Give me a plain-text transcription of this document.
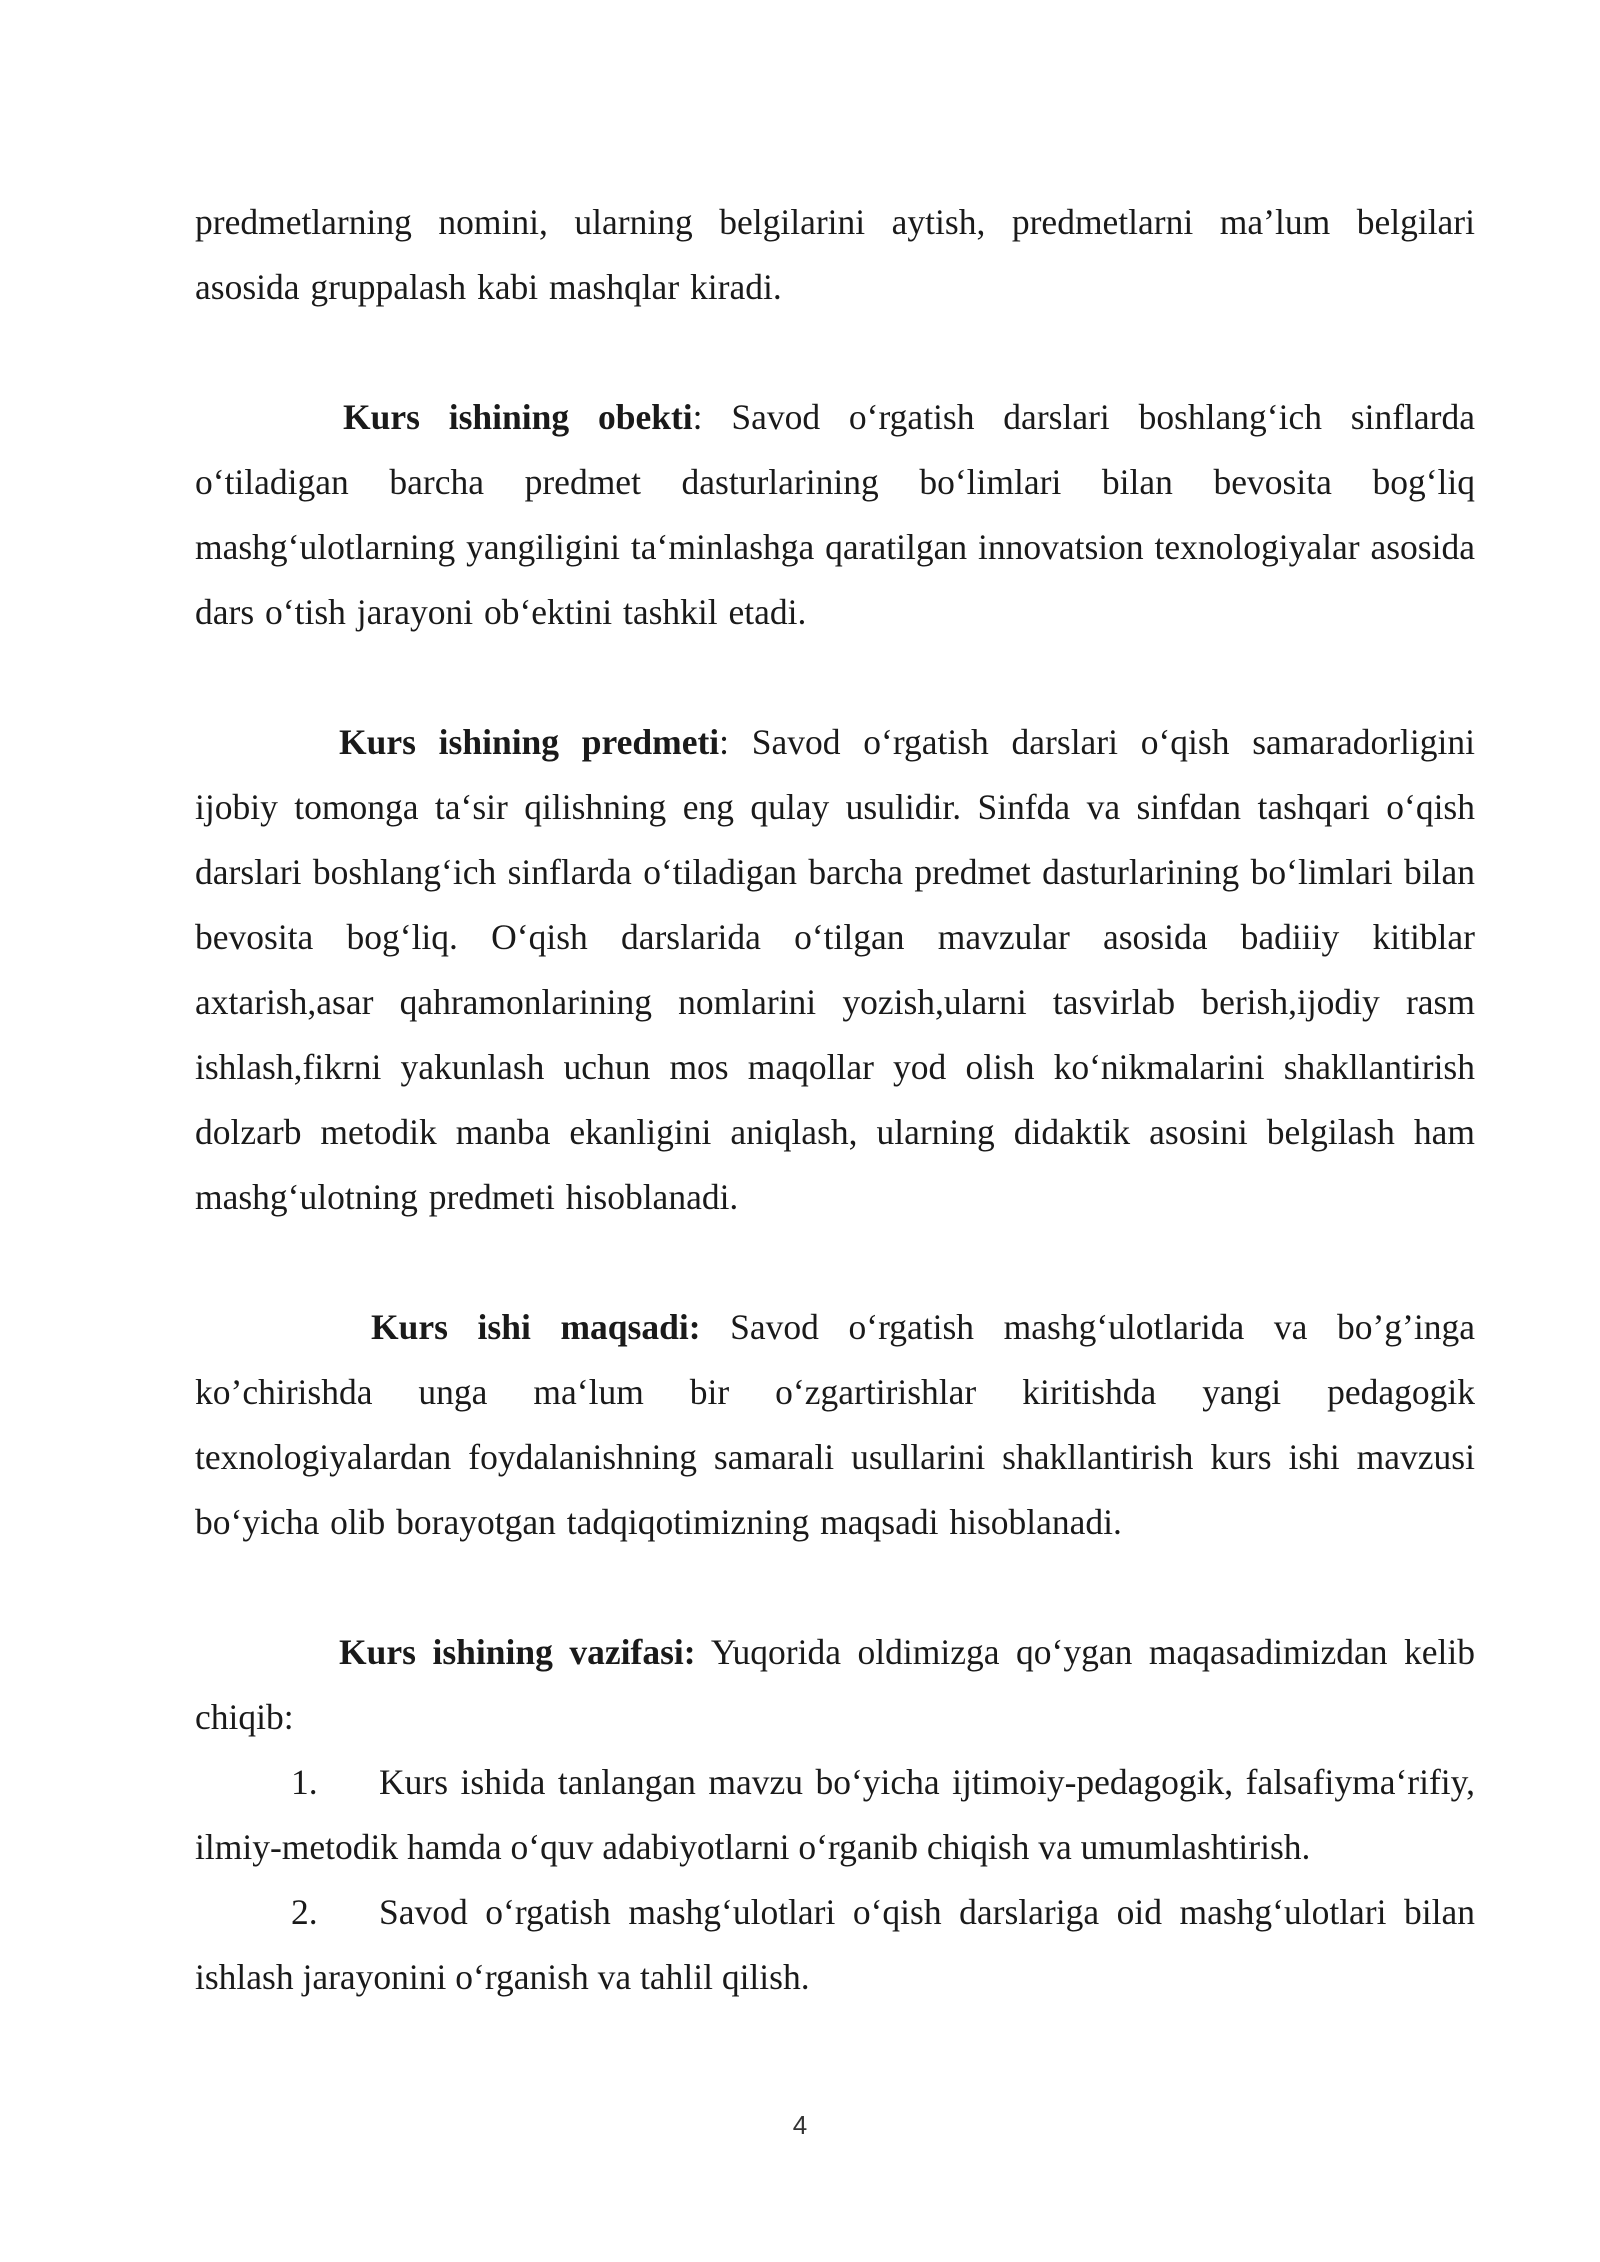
predmetlarning nomini, ularning belgilarini aytish, predmetlarni ma’lum belgilari asosida gruppalash kabi mashqlar kiradi.

Kurs ishining obekti: Savod o‘rgatish darslari boshlang‘ich sinflarda o‘tiladigan barcha predmet dasturlarining bo‘limlari bilan bevosita bog‘liq mashg‘ulotlarning yangiligini ta‘minlashga qaratilgan innovatsion texnologiyalar asosida dars o‘tish jarayoni ob‘ektini tashkil etadi.

Kurs ishining predmeti: Savod o‘rgatish darslari o‘qish samaradorligini ijobiy tomonga ta‘sir qilishning eng qulay usulidir. Sinfda va sinfdan tashqari o‘qish darslari boshlang‘ich sinflarda o‘tiladigan barcha predmet dasturlarining bo‘limlari bilan bevosita bog‘liq. O‘qish darslarida o‘tilgan mavzular asosida badiiiy kitiblar axtarish,asar qahramonlarining nomlarini yozish,ularni tasvirlab berish,ijodiy rasm ishlash,fikrni yakunlash uchun mos maqollar yod olish ko‘nikmalarini shakllantirish dolzarb metodik manba ekanligini aniqlash, ularning didaktik asosini belgilash ham mashg‘ulotning predmeti hisoblanadi.

Kurs ishi maqsadi: Savod o‘rgatish mashg‘ulotlarida va bo’g’inga ko’chirishda unga ma‘lum bir o‘zgartirishlar kiritishda yangi pedagogik texnologiyalardan foydalanishning samarali usullarini shakllantirish kurs ishi mavzusi bo‘yicha olib borayotgan tadqiqotimizning maqsadi hisoblanadi.

Kurs ishining vazifasi: Yuqorida oldimizga qo‘ygan maqasadimizdan kelib chiqib:

1. Kurs ishida tanlangan mavzu bo‘yicha ijtimoiy-pedagogik, falsafiyma‘rifiy, ilmiy-metodik hamda o‘quv adabiyotlarni o‘rganib chiqish va umumlashtirish.

2. Savod o‘rgatish mashg‘ulotlari o‘qish darslariga oid mashg‘ulotlari bilan ishlash jarayonini o‘rganish va tahlil qilish.

4
